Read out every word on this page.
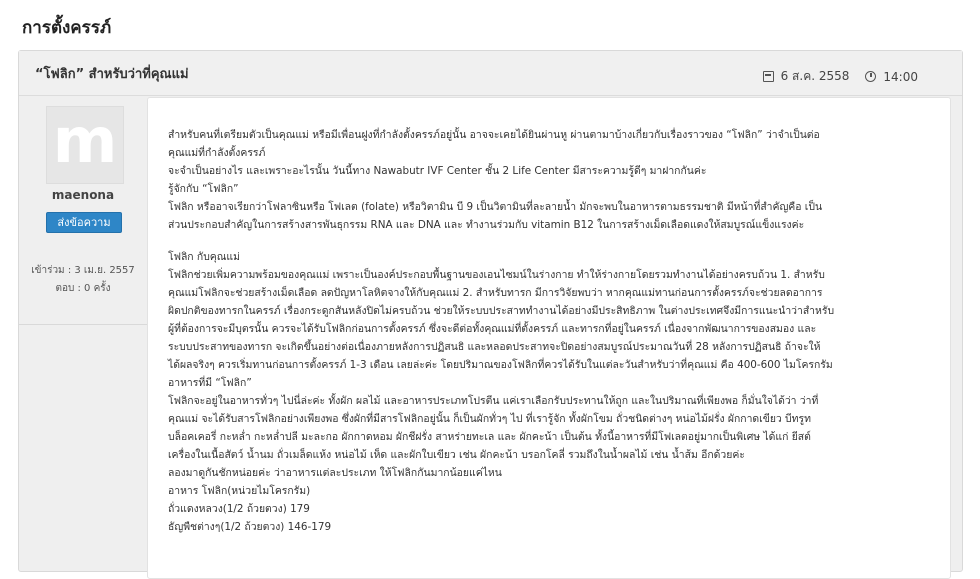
การตั้งครรภ์
“โฟลิก” สำหรับว่าที่คุณแม่	6 ส.ค. 2558	14:00
m
maenona
ส่งข้อความ
เข้าร่วม : 3 เม.ย. 2557
ตอบ : 0 ครั้ง

สำหรับคนที่เตรียมตัวเป็นคุณแม่ หรือมีเพื่อนฝูงที่กำลังตั้งครรภ์อยู่นั้น อาจจะเคยได้ยินผ่านหู ผ่านตามาบ้างเกี่ยวกับเรื่องราวของ “โฟลิก” ว่าจำเป็นต่อ

คุณแม่ที่กำลังตั้งครรภ์

จะจำเป็นอย่างไร และเพราะอะไรนั้น วันนี้ทาง Nawabutr IVF Center ชั้น 2 Life Center มีสาระความรู้ดีๆ มาฝากกันค่ะ

รู้จักกับ “โฟลิก”

โฟลิก หรืออาจเรียกว่าโฟลาซินหรือ โฟเลต (folate) หรือวิตามิน บี 9 เป็นวิตามินที่ละลายน้ำ มักจะพบในอาหารตามธรรมชาติ มีหน้าที่สำคัญคือ เป็น

ส่วนประกอบสำคัญในการสร้างสารพันธุกรรม RNA และ DNA และ ทำงานร่วมกับ vitamin B12 ในการสร้างเม็ดเลือดแดงให้สมบูรณ์แข็งแรงค่ะ

โฟลิก กับคุณแม่

โฟลิกช่วยเพิ่มความพร้อมของคุณแม่ เพราะเป็นองค์ประกอบพื้นฐานของเอนไซมน์ในร่างกาย ทำให้ร่างกายโดยรวมทำงานได้อย่างครบถ้วน 1. สำหรับ

คุณแม่โฟลิกจะช่วยสร้างเม็ดเลือด ลดปัญหาโลหิตจางให้กับคุณแม่ 2. สำหรับทารก มีการวิจัยพบว่า หากคุณแม่ทานก่อนการตั้งครรภ์จะช่วยลดอาการ

ผิดปกติของทารกในครรภ์ เรื่องกระดูกสันหลังปิดไม่ครบถ้วน ช่วยให้ระบบประสาททำงานได้อย่างมีประสิทธิภาพ ในต่างประเทศจึงมีการแนะนำว่าสำหรับ

ผู้ที่ต้องการจะมีบุตรนั้น ควรจะได้รับโฟลิกก่อนการตั้งครรภ์ ซึ่งจะดีต่อทั้งคุณแม่ที่ตั้งครรภ์ และทารกที่อยู่ในครรภ์ เนื่องจากพัฒนาการของสมอง และ

ระบบประสาทของทารก จะเกิดขึ้นอย่างต่อเนื่องภายหลังการปฏิสนธิ และหลอดประสาทจะปิดอย่างสมบูรณ์ประมาณวันที่ 28 หลังการปฏิสนธิ ถ้าจะให้

ได้ผลจริงๆ ควรเริ่มทานก่อนการตั้งครรภ์ 1-3 เดือน เลยล่ะค่ะ โดยปริมาณของโฟลิกที่ควรได้รับในแต่ละวันสำหรับว่าที่คุณแม่ คือ 400-600 ไมโครกรัม

อาหารที่มี “โฟลิก”

โฟลิกจะอยู่ในอาหารทั่วๆ ไปนี่ล่ะค่ะ ทั้งผัก ผลไม้ และอาหารประเภทโปรตีน แค่เราเลือกรับประทานให้ถูก และในปริมาณที่เพียงพอ ก็มั่นใจได้ว่า ว่าที่

คุณแม่ จะได้รับสารโฟลิกอย่างเพียงพอ ซึ่งผักที่มีสารโฟลิกอยู่นั้น ก็เป็นผักทั่วๆ ไป ที่เรารู้จัก ทั้งผักโขม ถั่วชนิดต่างๆ หน่อไม้ฝรั่ง ผักกาดเขียว บีทรูท

บล็อคเคอรี่ กะหล่ำ กะหล่ำปลี มะละกอ ผักกาดหอม ผักชีฝรั่ง สาหร่ายทะเล และ ผักคะน้า เป็นต้น ทั้งนี้อาหารที่มีโฟเลตอยู่มากเป็นพิเศษ ได้แก่ ยีสต์

เครื่องในเนื้อสัตว์ น้ำนม ถั่วเมล็ดแห้ง หน่อไม้ เห็ด และผักใบเขียว เช่น ผักคะน้า บรอกโคลี่ รวมถึงในน้ำผลไม้ เช่น น้ำส้ม อีกด้วยค่ะ

ลองมาดูกันชักหน่อยค่ะ ว่าอาหารแต่ละประเภท ให้โฟลิกกันมากน้อยแค่ไหน

อาหาร โฟลิก(หน่วยไมโครกรัม)

ถั่วแดงหลวง(1/2 ถ้วยตวง) 179

ธัญพืชต่างๆ(1/2 ถ้วยตวง) 146-179
